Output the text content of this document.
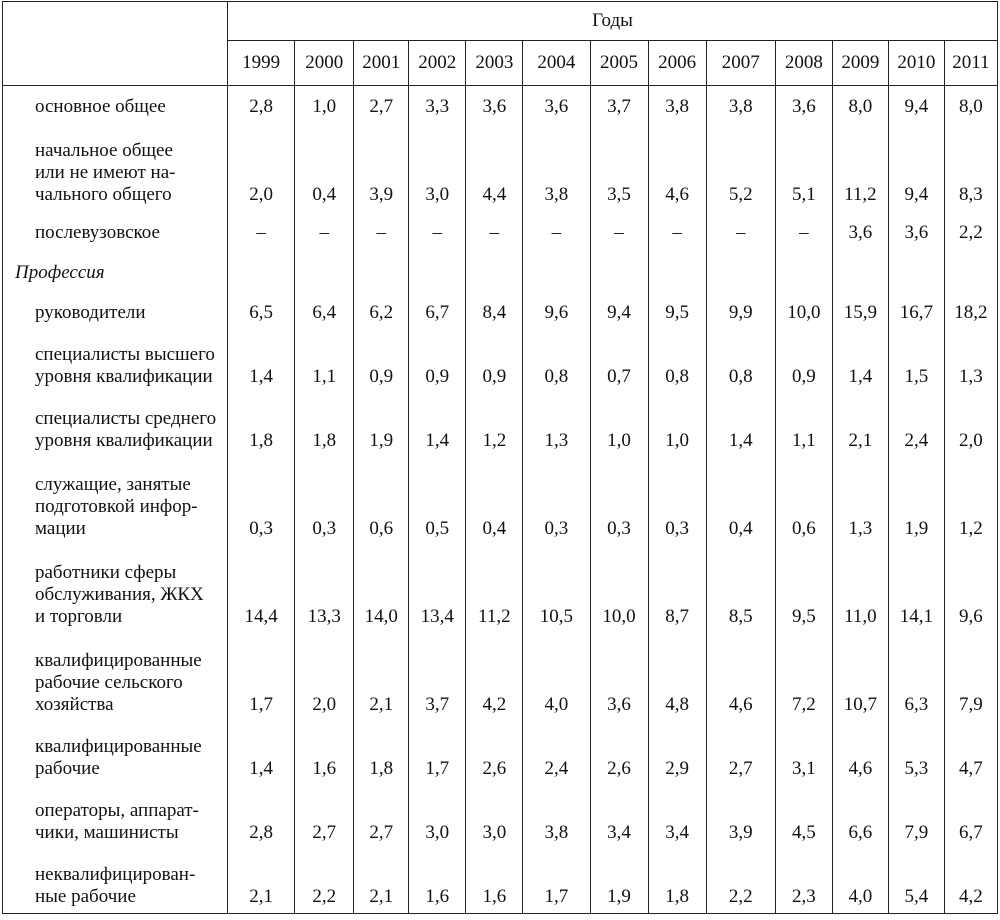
	Годы												
	1999	2000	2001	2002	2003	2004	2005	2006	2007	2008	2009	2010	2011
основное общее	2,8	1,0	2,7	3,3	3,6	3,6	3,7	3,8	3,8	3,6	8,0	9,4	8,0
начальное общее
или не имеют на-
чального общего	2,0	0,4	3,9	3,0	4,4	3,8	3,5	4,6	5,2	5,1	11,2	9,4	8,3
послевузовское	–	–	–	–	–	–	–	–	–	–	3,6	3,6	2,2
Профессия													
руководители	6,5	6,4	6,2	6,7	8,4	9,6	9,4	9,5	9,9	10,0	15,9	16,7	18,2
специалисты высшего
уровня квалификации	1,4	1,1	0,9	0,9	0,9	0,8	0,7	0,8	0,8	0,9	1,4	1,5	1,3
специалисты среднего
уровня квалификации	1,8	1,8	1,9	1,4	1,2	1,3	1,0	1,0	1,4	1,1	2,1	2,4	2,0
служащие, занятые
подготовкой инфор-
мации	0,3	0,3	0,6	0,5	0,4	0,3	0,3	0,3	0,4	0,6	1,3	1,9	1,2
работники сферы
обслуживания, ЖКХ
и торговли	14,4	13,3	14,0	13,4	11,2	10,5	10,0	8,7	8,5	9,5	11,0	14,1	9,6
квалифицированные
рабочие сельского
хозяйства	1,7	2,0	2,1	3,7	4,2	4,0	3,6	4,8	4,6	7,2	10,7	6,3	7,9
квалифицированные
рабочие	1,4	1,6	1,8	1,7	2,6	2,4	2,6	2,9	2,7	3,1	4,6	5,3	4,7
операторы, аппарат-
чики, машинисты	2,8	2,7	2,7	3,0	3,0	3,8	3,4	3,4	3,9	4,5	6,6	7,9	6,7
неквалифицирован-
ные рабочие	2,1	2,2	2,1	1,6	1,6	1,7	1,9	1,8	2,2	2,3	4,0	5,4	4,2
